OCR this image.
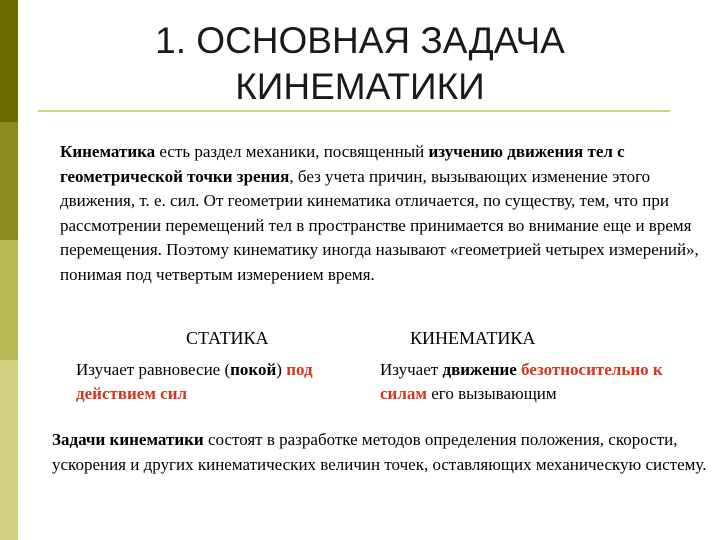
1. ОСНОВНАЯ ЗАДАЧА
КИНЕМАТИКИ
Кинематика есть раздел механики, посвященный изучению движения тел с геометрической точки зрения, без учета причин, вызывающих изменение этого движения, т. е. сил. От геометрии кинематика отличается, по существу, тем, что при рассмотрении перемещений тел в пространстве принимается во внимание еще и время перемещения. Поэтому кинематику иногда называют «геометрией четырех измерений», понимая под четвертым измерением время.
СТАТИКА	КИНЕМАТИКА
Изучает равновесие (покой) под действием сил
Изучает движение безотносительно к силам его вызывающим
Задачи кинематики состоят в разработке методов определения положения, скорости, ускорения и других кинематических величин точек, оставляющих механическую систему.
